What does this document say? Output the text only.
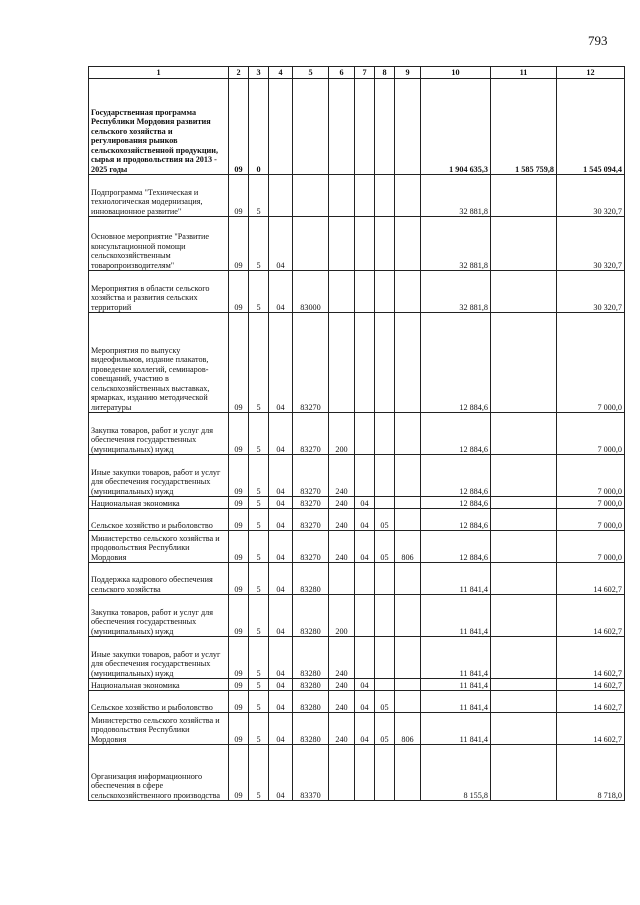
793
1	2	3	4	5	6	7	8	9	10	11	12
Государственная программа Республики Мордовия развития сельского хозяйства и регулирования рынков сельскохозяйственной продукции, сырья и продовольствия на 2013 - 2025 годы	09	0							1 904 635,3	1 585 759,8	1 545 094,4
Подпрограмма "Техническая и технологическая модернизация, инновационное развитие"	09	5							32 881,8		30 320,7
Основное мероприятие "Развитие консультационной помощи сельскохозяйственным товаропроизводителям"	09	5	04						32 881,8		30 320,7
Мероприятия в области сельского хозяйства и развития сельских территорий	09	5	04	83000					32 881,8		30 320,7
Мероприятия по выпуску видеофильмов, издание плакатов, проведение коллегий, семинаров-совещаний, участию в сельскохозяйственных выставках, ярмарках, изданию методической литературы	09	5	04	83270					12 884,6		7 000,0
Закупка товаров, работ и услуг для обеспечения государственных (муниципальных) нужд	09	5	04	83270	200				12 884,6		7 000,0
Иные закупки товаров, работ и услуг для обеспечения государственных (муниципальных) нужд	09	5	04	83270	240				12 884,6		7 000,0
Национальная экономика	09	5	04	83270	240	04			12 884,6		7 000,0
Сельское хозяйство и рыболовство	09	5	04	83270	240	04	05		12 884,6		7 000,0
Министерство сельского хозяйства и продовольствия Республики Мордовия	09	5	04	83270	240	04	05	806	12 884,6		7 000,0
Поддержка кадрового обеспечения сельского хозяйства	09	5	04	83280					11 841,4		14 602,7
Закупка товаров, работ и услуг для обеспечения государственных (муниципальных) нужд	09	5	04	83280	200				11 841,4		14 602,7
Иные закупки товаров, работ и услуг для обеспечения государственных (муниципальных) нужд	09	5	04	83280	240				11 841,4		14 602,7
Национальная экономика	09	5	04	83280	240	04			11 841,4		14 602,7
Сельское хозяйство и рыболовство	09	5	04	83280	240	04	05		11 841,4		14 602,7
Министерство сельского хозяйства и продовольствия Республики Мордовия	09	5	04	83280	240	04	05	806	11 841,4		14 602,7
Организация информационного обеспечения в сфере сельскохозяйственного производства	09	5	04	83370					8 155,8		8 718,0
